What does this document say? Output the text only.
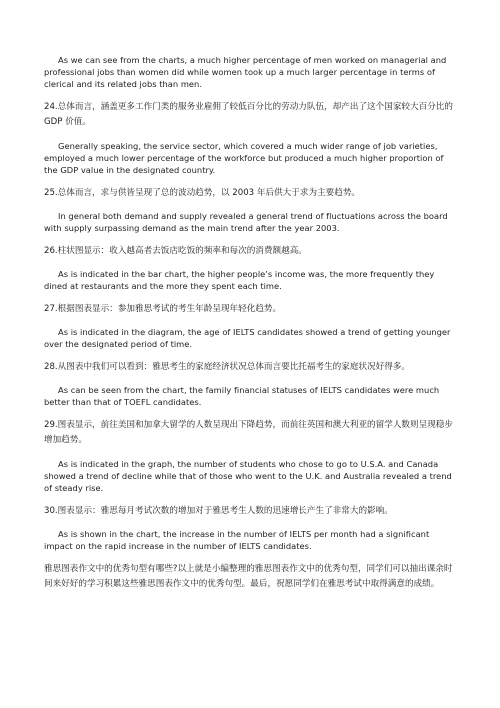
As we can see from the charts, a much higher percentage of men worked on managerial and professional jobs than women did while women took up a much larger percentage in terms of clerical and its related jobs than men.

24.总体而言，涵盖更多工作门类的服务业雇佣了较低百分比的劳动力队伍，却产出了这个国家较大百分比的 GDP 价值。

Generally speaking, the service sector, which covered a much wider range of job varieties, employed a much lower percentage of the workforce but produced a much higher proportion of the GDP value in the designated country.

25.总体而言，求与供皆呈现了总的波动趋势，以 2003 年后供大于求为主要趋势。

In general both demand and supply revealed a general trend of fluctuations across the board with supply surpassing demand as the main trend after the year 2003.

26.柱状图显示：收入越高者去饭店吃饭的频率和每次的消费额越高。

As is indicated in the bar chart, the higher people’s income was, the more frequently they dined at restaurants and the more they spent each time.

27.根据图表显示：参加雅思考试的考生年龄呈现年轻化趋势。

As is indicated in the diagram, the age of IELTS candidates showed a trend of getting younger over the designated period of time.

28.从图表中我们可以看到：雅思考生的家庭经济状况总体而言要比托福考生的家庭状况好得多。

As can be seen from the chart, the family financial statuses of IELTS candidates were much better than that of TOEFL candidates.

29.图表显示，前往美国和加拿大留学的人数呈现出下降趋势，而前往英国和澳大利亚的留学人数则呈现稳步增加趋势。

As is indicated in the graph, the number of students who chose to go to U.S.A. and Canada showed a trend of decline while that of those who went to the U.K. and Australia revealed a trend of steady rise.

30.图表显示：雅思每月考试次数的增加对于雅思考生人数的迅速增长产生了非常大的影响。

As is shown in the chart, the increase in the number of IELTS per month had a significant impact on the rapid increase in the number of IELTS candidates.

雅思图表作文中的优秀句型有哪些?以上就是小编整理的雅思图表作文中的优秀句型，同学们可以抽出课余时间来好好的学习积累这些雅思图表作文中的优秀句型。最后，祝愿同学们在雅思考试中取得满意的成绩。
